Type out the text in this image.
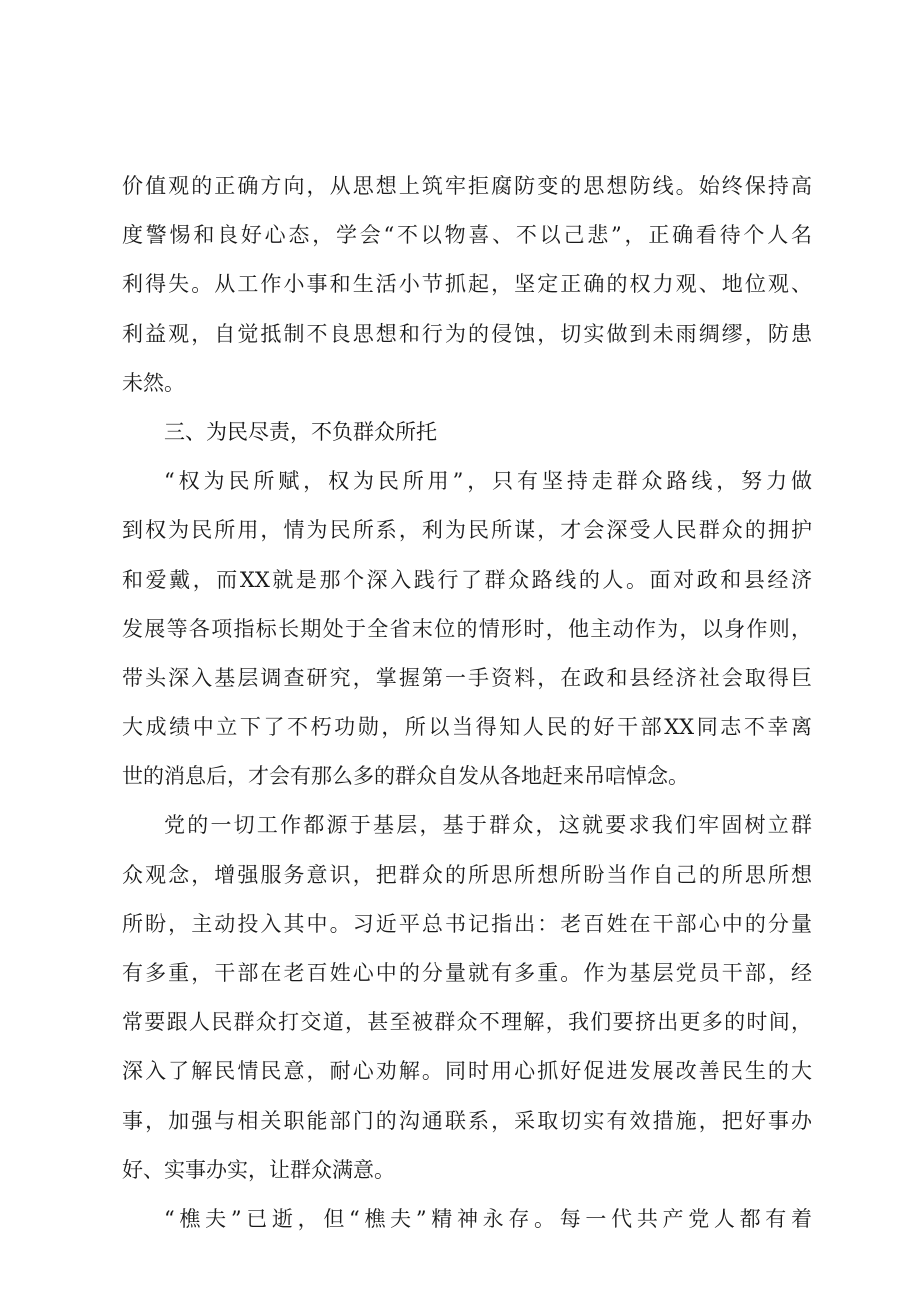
价值观的正确方向，从思想上筑牢拒腐防变的思想防线。始终保持高
度警惕和良好心态，学会“不以物喜、不以己悲”，正确看待个人名
利得失。从工作小事和生活小节抓起，坚定正确的权力观、地位观、
利益观，自觉抵制不良思想和行为的侵蚀，切实做到未雨绸缪，防患
未然。
三、为民尽责，不负群众所托
“权为民所赋，权为民所用”，只有坚持走群众路线，努力做
到权为民所用，情为民所系，利为民所谋，才会深受人民群众的拥护
和爱戴，而XX就是那个深入践行了群众路线的人。面对政和县经济
发展等各项指标长期处于全省末位的情形时，他主动作为，以身作则，
带头深入基层调查研究，掌握第一手资料，在政和县经济社会取得巨
大成绩中立下了不朽功勋，所以当得知人民的好干部XX同志不幸离
世的消息后，才会有那么多的群众自发从各地赶来吊唁悼念。
党的一切工作都源于基层，基于群众，这就要求我们牢固树立群
众观念，增强服务意识，把群众的所思所想所盼当作自己的所思所想
所盼，主动投入其中。习近平总书记指出：老百姓在干部心中的分量
有多重，干部在老百姓心中的分量就有多重。作为基层党员干部，经
常要跟人民群众打交道，甚至被群众不理解，我们要挤出更多的时间，
深入了解民情民意，耐心劝解。同时用心抓好促进发展改善民生的大
事，加强与相关职能部门的沟通联系，采取切实有效措施，把好事办
好、实事办实，让群众满意。
“樵夫”已逝，但“樵夫”精神永存。每一代共产党人都有着
